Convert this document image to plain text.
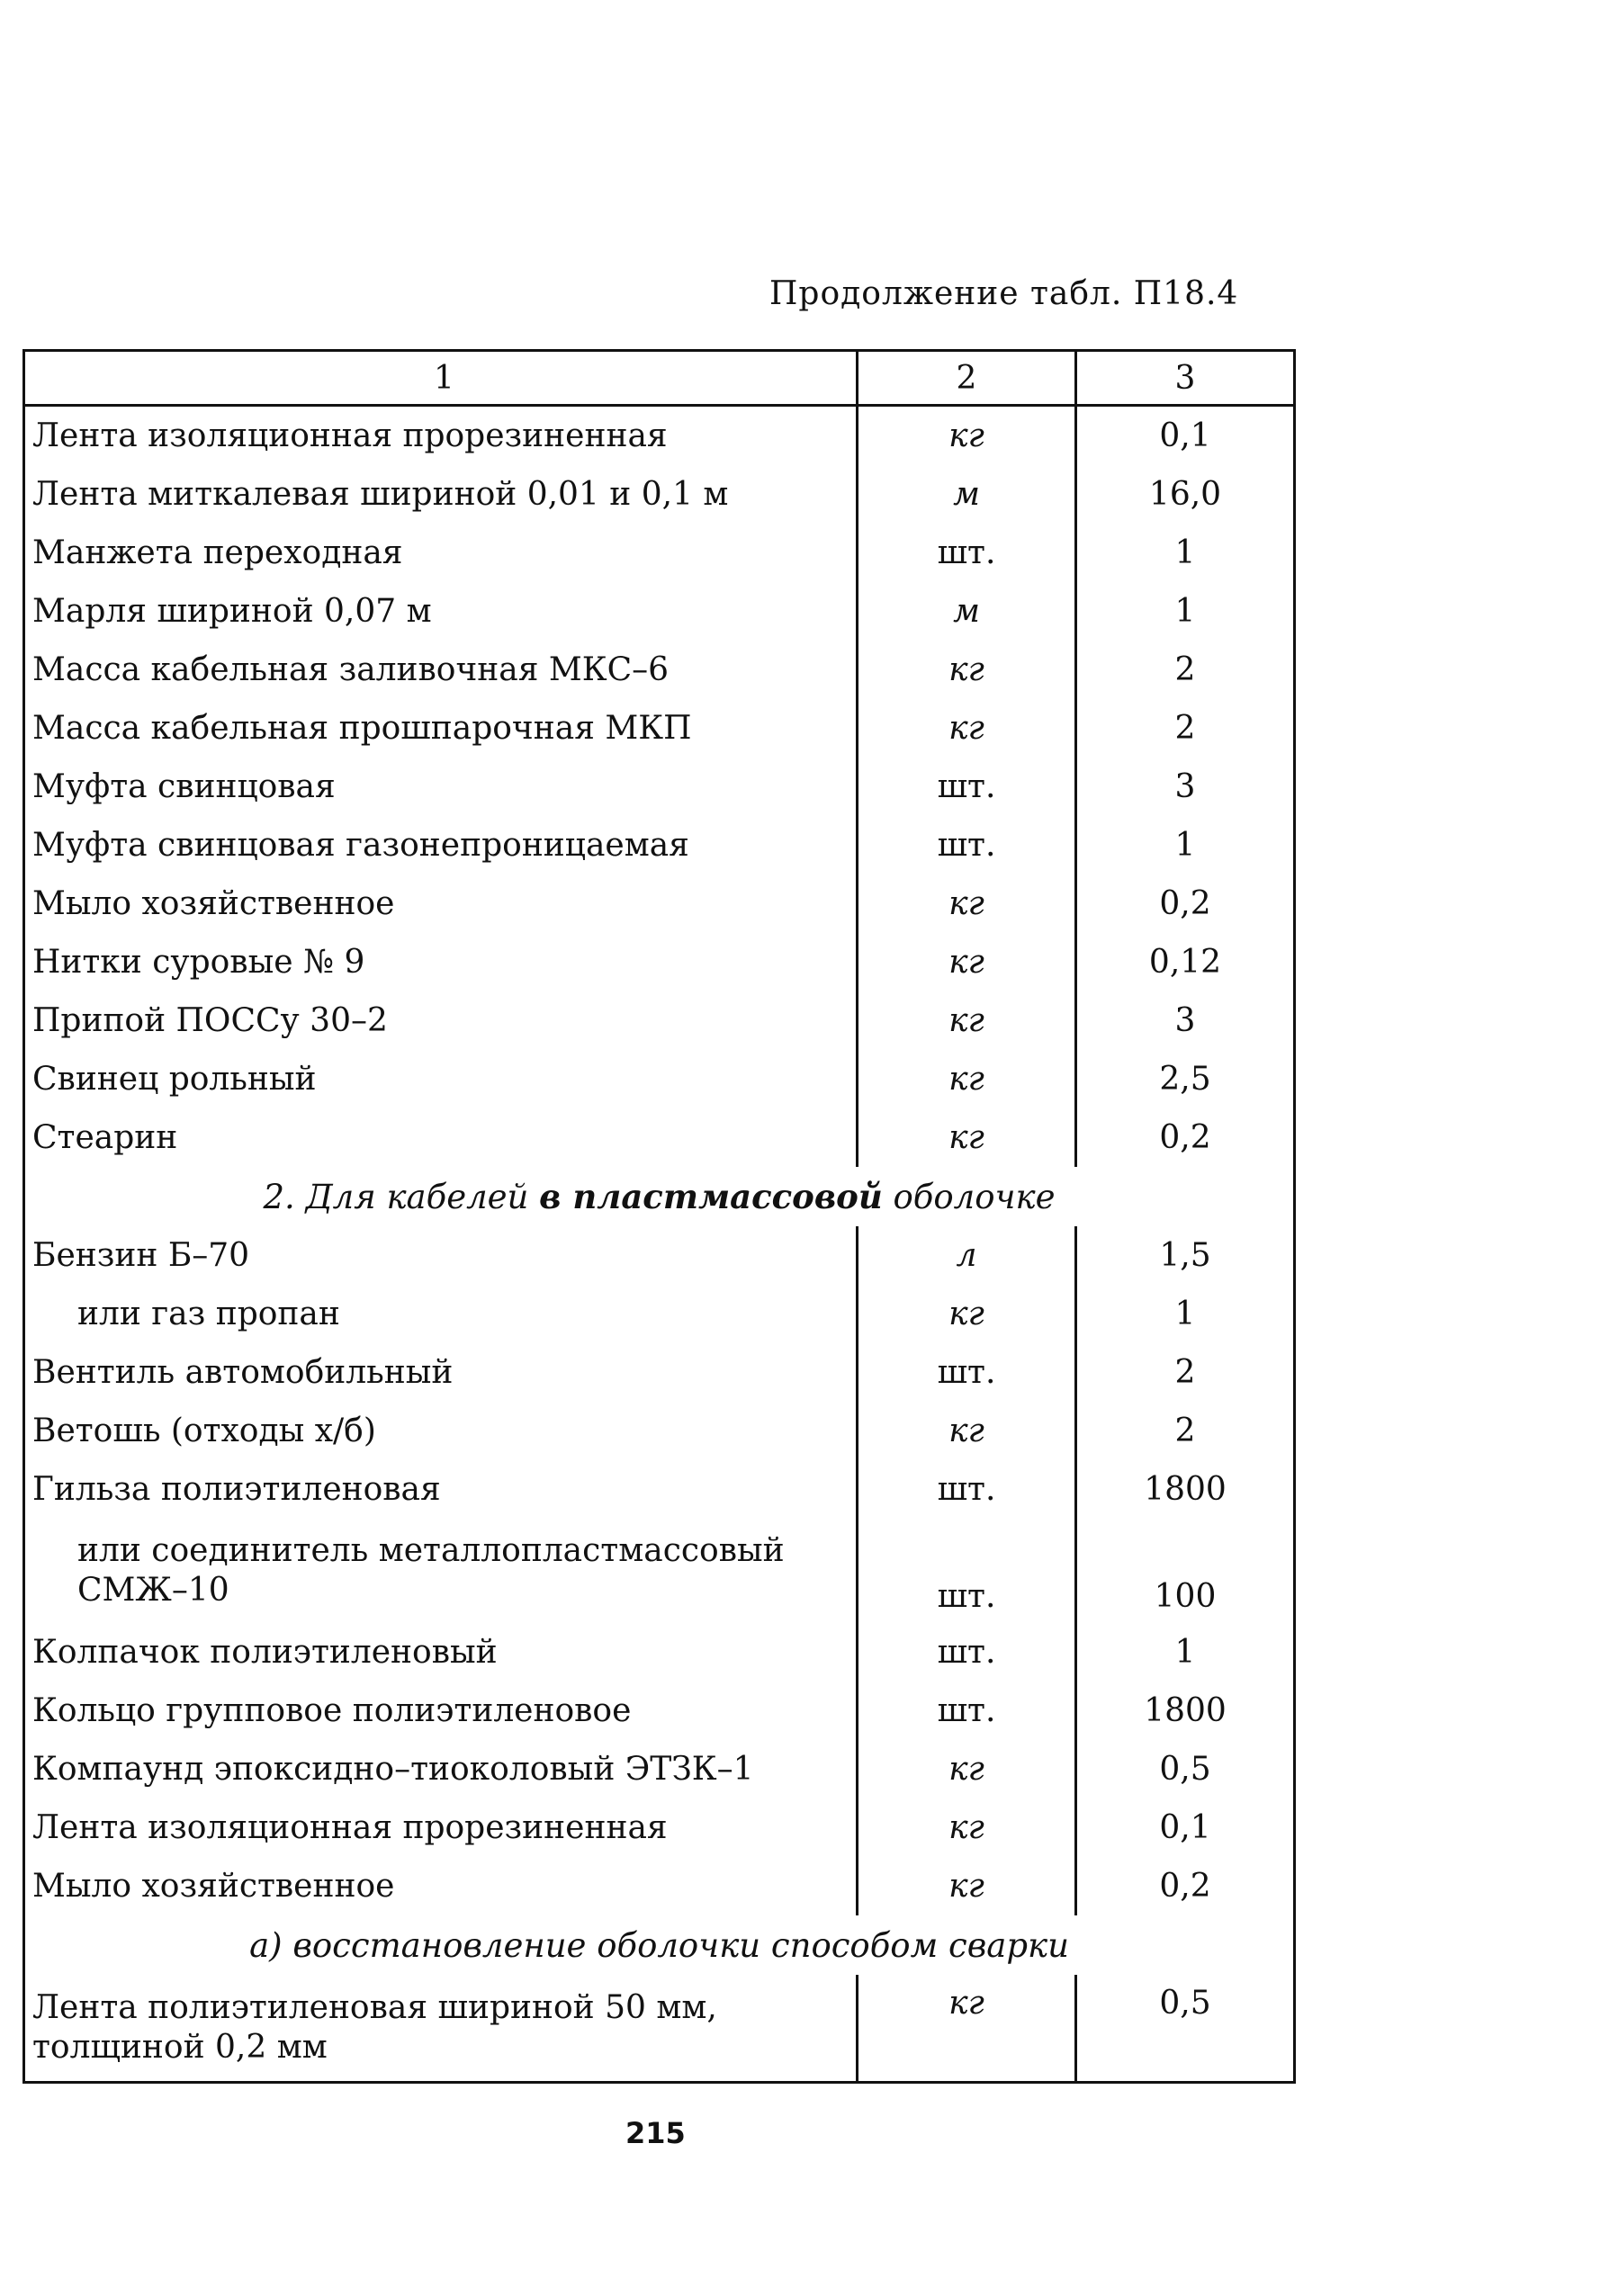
Продолжение табл. П18.4
1	2	3
Лента изоляционная прорезиненная	кг	0,1
Лента миткалевая шириной 0,01 и 0,1 м	м	16,0
Манжета переходная	шт.	1
Марля шириной 0,07 м	м	1
Масса кабельная заливочная МКС–6	кг	2
Масса кабельная прошпарочная МКП	кг	2
Муфта свинцовая	шт.	3
Муфта свинцовая газонепроницаемая	шт.	1
Мыло хозяйственное	кг	0,2
Нитки суровые № 9	кг	0,12
Припой ПОССу 30–2	кг	3
Свинец рольный	кг	2,5
Стеарин	кг	0,2
2. Для кабелей в пластмассовой оболочке		
Бензин Б–70	л	1,5
или газ пропан	кг	1
Вентиль автомобильный	шт.	2
Ветошь (отходы х/б)	кг	2
Гильза полиэтиленовая	шт.	1800
или соединитель металлопластмассовый СМЖ–10	шт.	100
Колпачок полиэтиленовый	шт.	1
Кольцо групповое полиэтиленовое	шт.	1800
Компаунд эпоксидно–тиоколовый ЭТЗК–1	кг	0,5
Лента изоляционная прорезиненная	кг	0,1
Мыло хозяйственное	кг	0,2
а) восстановление оболочки способом сварки		
Лента полиэтиленовая шириной 50 мм, толщиной 0,2 мм	кг	0,5
215
